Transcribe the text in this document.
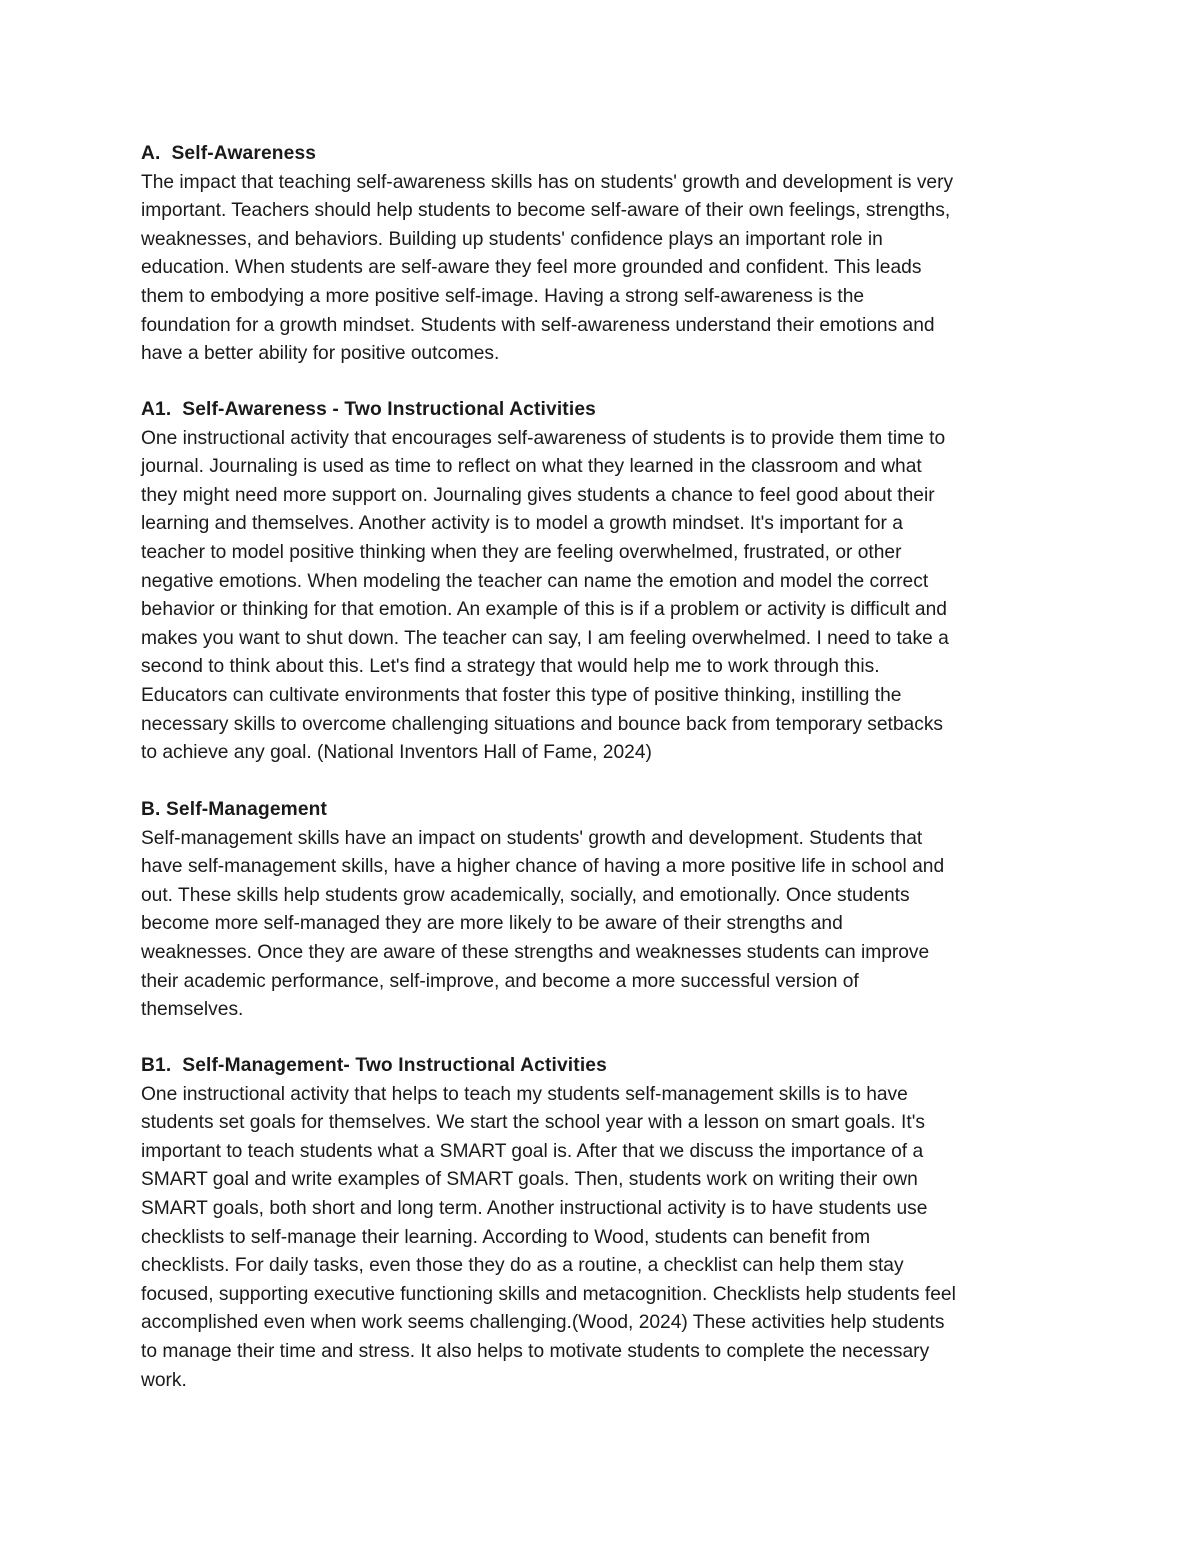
A.  Self-Awareness
The impact that teaching self-awareness skills has on students' growth and development is very
important. Teachers should help students to become self-aware of their own feelings, strengths,
weaknesses, and behaviors. Building up students' confidence plays an important role in
education. When students are self-aware they feel more grounded and confident. This leads
them to embodying a more positive self-image. Having a strong self-awareness is the
foundation for a growth mindset. Students with self-awareness understand their emotions and
have a better ability for positive outcomes.
A1.  Self-Awareness - Two Instructional Activities
One instructional activity that encourages self-awareness of students is to provide them time to
journal. Journaling is used as time to reflect on what they learned in the classroom and what
they might need more support on. Journaling gives students a chance to feel good about their
learning and themselves. Another activity is to model a growth mindset. It's important for a
teacher to model positive thinking when they are feeling overwhelmed, frustrated, or other
negative emotions. When modeling the teacher can name the emotion and model the correct
behavior or thinking for that emotion. An example of this is if a problem or activity is difficult and
makes you want to shut down. The teacher can say, I am feeling overwhelmed. I need to take a
second to think about this. Let's find a strategy that would help me to work through this.
Educators can cultivate environments that foster this type of positive thinking, instilling the
necessary skills to overcome challenging situations and bounce back from temporary setbacks
to achieve any goal. (National Inventors Hall of Fame, 2024)
B. Self-Management
Self-management skills have an impact on students' growth and development. Students that
have self-management skills, have a higher chance of having a more positive life in school and
out. These skills help students grow academically, socially, and emotionally. Once students
become more self-managed they are more likely to be aware of their strengths and
weaknesses. Once they are aware of these strengths and weaknesses students can improve
their academic performance, self-improve, and become a more successful version of
themselves.
B1.  Self-Management- Two Instructional Activities
One instructional activity that helps to teach my students self-management skills is to have
students set goals for themselves. We start the school year with a lesson on smart goals. It's
important to teach students what a SMART goal is. After that we discuss the importance of a
SMART goal and write examples of SMART goals. Then, students work on writing their own
SMART goals, both short and long term. Another instructional activity is to have students use
checklists to self-manage their learning. According to Wood, students can benefit from
checklists. For daily tasks, even those they do as a routine, a checklist can help them stay
focused, supporting executive functioning skills and metacognition. Checklists help students feel
accomplished even when work seems challenging.(Wood, 2024) These activities help students
to manage their time and stress. It also helps to motivate students to complete the necessary
work.
